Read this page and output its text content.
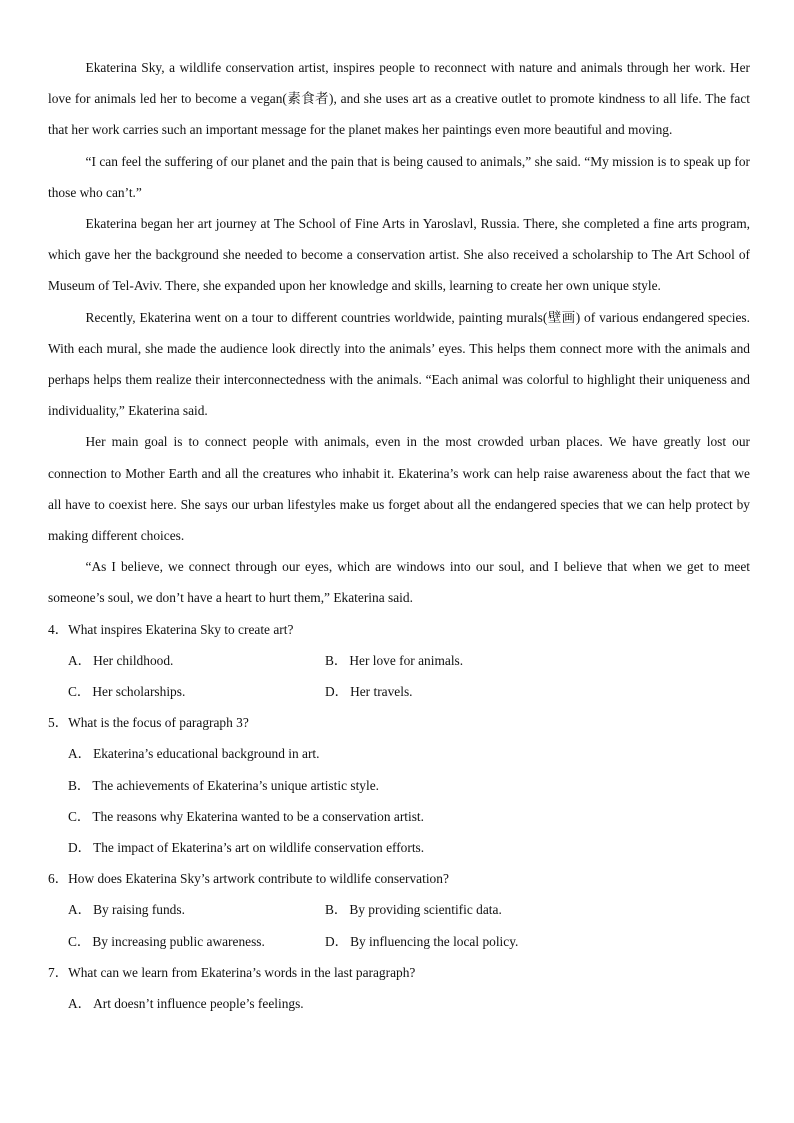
Ekaterina Sky, a wildlife conservation artist, inspires people to reconnect with nature and animals through her work. Her love for animals led her to become a vegan(素食者), and she uses art as a creative outlet to promote kindness to all life. The fact that her work carries such an important message for the planet makes her paintings even more beautiful and moving.

“I can feel the suffering of our planet and the pain that is being caused to animals,” she said. “My mission is to speak up for those who can’t.”

Ekaterina began her art journey at The School of Fine Arts in Yaroslavl, Russia. There, she completed a fine arts program, which gave her the background she needed to become a conservation artist. She also received a scholarship to The Art School of Museum of Tel-Aviv. There, she expanded upon her knowledge and skills, learning to create her own unique style.

Recently, Ekaterina went on a tour to different countries worldwide, painting murals(壁画) of various endangered species. With each mural, she made the audience look directly into the animals’ eyes. This helps them connect more with the animals and perhaps helps them realize their interconnectedness with the animals. “Each animal was colorful to highlight their uniqueness and individuality,” Ekaterina said.

Her main goal is to connect people with animals, even in the most crowded urban places. We have greatly lost our connection to Mother Earth and all the creatures who inhabit it. Ekaterina’s work can help raise awareness about the fact that we all have to coexist here. She says our urban lifestyles make us forget about all the endangered species that we can help protect by making different choices.

“As I believe, we connect through our eyes, which are windows into our soul, and I believe that when we get to meet someone’s soul, we don’t have a heart to hurt them,” Ekaterina said.

4．What inspires Ekaterina Sky to create art?

A． Her childhood.	B． Her love for animals.
C． Her scholarships.	D． Her travels.

5．What is the focus of paragraph 3?

A． Ekaterina’s educational background in art.
B． The achievements of Ekaterina’s unique artistic style.
C． The reasons why Ekaterina wanted to be a conservation artist.
D． The impact of Ekaterina’s art on wildlife conservation efforts.

6．How does Ekaterina Sky’s artwork contribute to wildlife conservation?

A． By raising funds.	B． By providing scientific data.
C． By increasing public awareness.	D． By influencing the local policy.

7．What can we learn from Ekaterina’s words in the last paragraph?

A． Art doesn’t influence people’s feelings.
